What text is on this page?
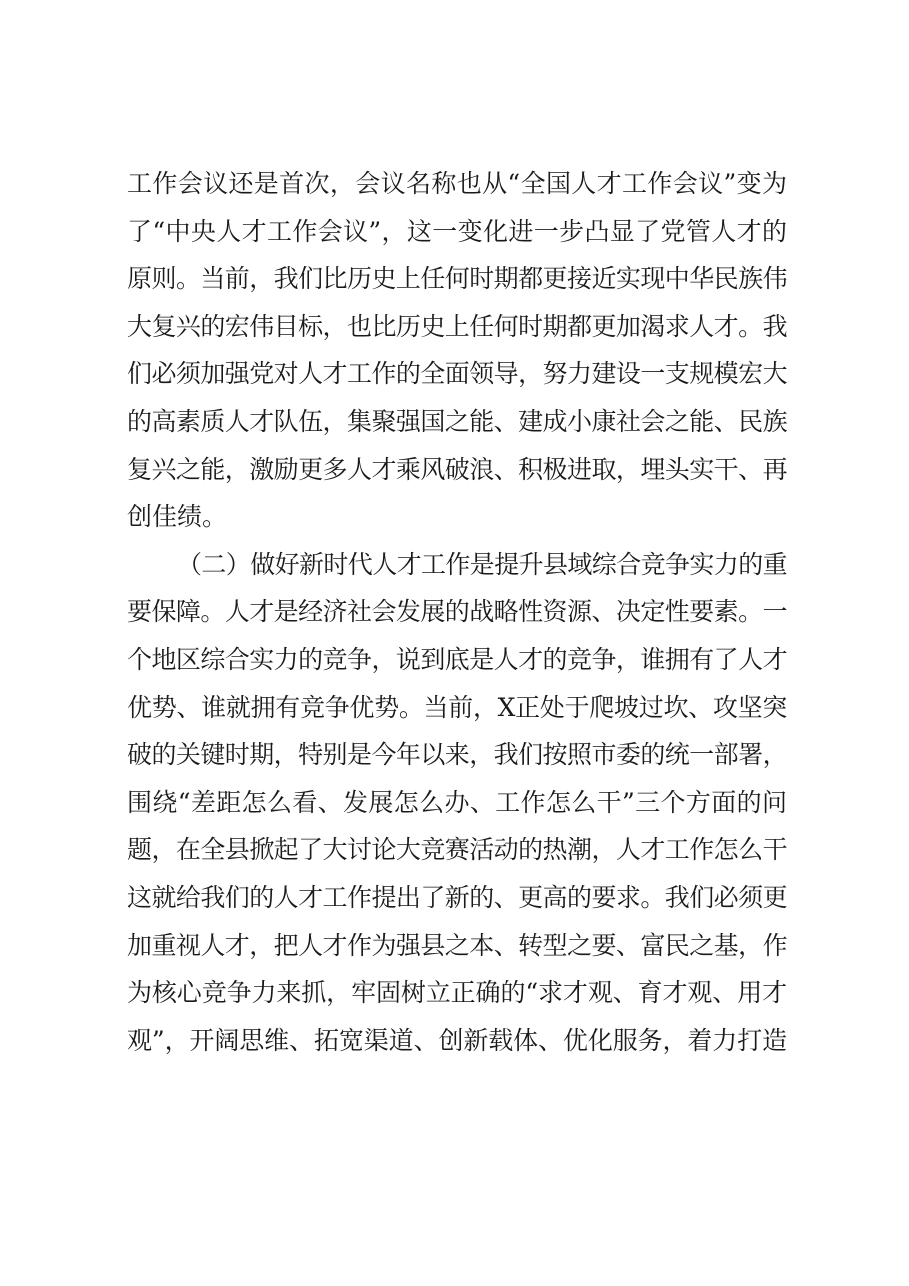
工作会议还是首次，会议名称也从“全国人才工作会议”变为
了“中央人才工作会议”，这一变化进一步凸显了党管人才的
原则。当前，我们比历史上任何时期都更接近实现中华民族伟
大复兴的宏伟目标，也比历史上任何时期都更加渴求人才。我
们必须加强党对人才工作的全面领导，努力建设一支规模宏大
的高素质人才队伍，集聚强国之能、建成小康社会之能、民族
复兴之能，激励更多人才乘风破浪、积极进取，埋头实干、再
创佳绩。
（二）做好新时代人才工作是提升县域综合竞争实力的重
要保障。人才是经济社会发展的战略性资源、决定性要素。一
个地区综合实力的竞争，说到底是人才的竞争，谁拥有了人才
优势、谁就拥有竞争优势。当前，X正处于爬坡过坎、攻坚突
破的关键时期，特别是今年以来，我们按照市委的统一部署，
围绕“差距怎么看、发展怎么办、工作怎么干”三个方面的问
题，在全县掀起了大讨论大竞赛活动的热潮，人才工作怎么干
这就给我们的人才工作提出了新的、更高的要求。我们必须更
加重视人才，把人才作为强县之本、转型之要、富民之基，作
为核心竞争力来抓，牢固树立正确的“求才观、育才观、用才
观”，开阔思维、拓宽渠道、创新载体、优化服务，着力打造
